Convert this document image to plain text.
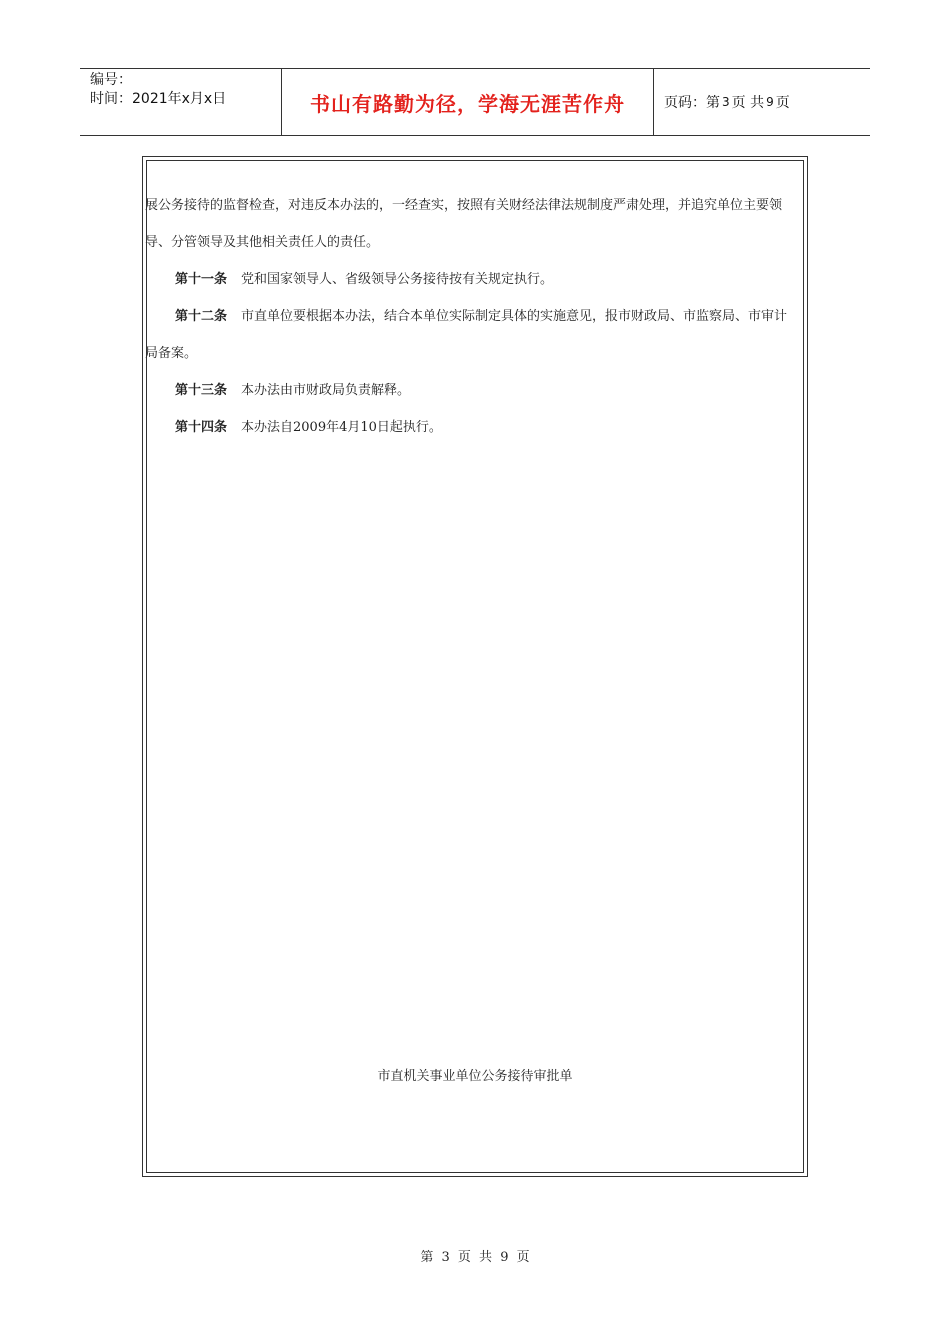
编号：
时间：2021年x月x日	书山有路勤为径，学海无涯苦作舟	页码：第 3 页 共 9 页

展公务接待的监督检查，对违反本办法的，一经查实，按照有关财经法律法规制度严肃处理，并追究单位主要领导、分管领导及其他相关责任人的责任。

第十一条 党和国家领导人、省级领导公务接待按有关规定执行。

第十二条 市直单位要根据本办法，结合本单位实际制定具体的实施意见，报市财政局、市监察局、市审计局备案。

第十三条 本办法由市财政局负责解释。

第十四条 本办法自2009年4月10日起执行。

市直机关事业单位公务接待审批单
第 3 页 共 9 页
